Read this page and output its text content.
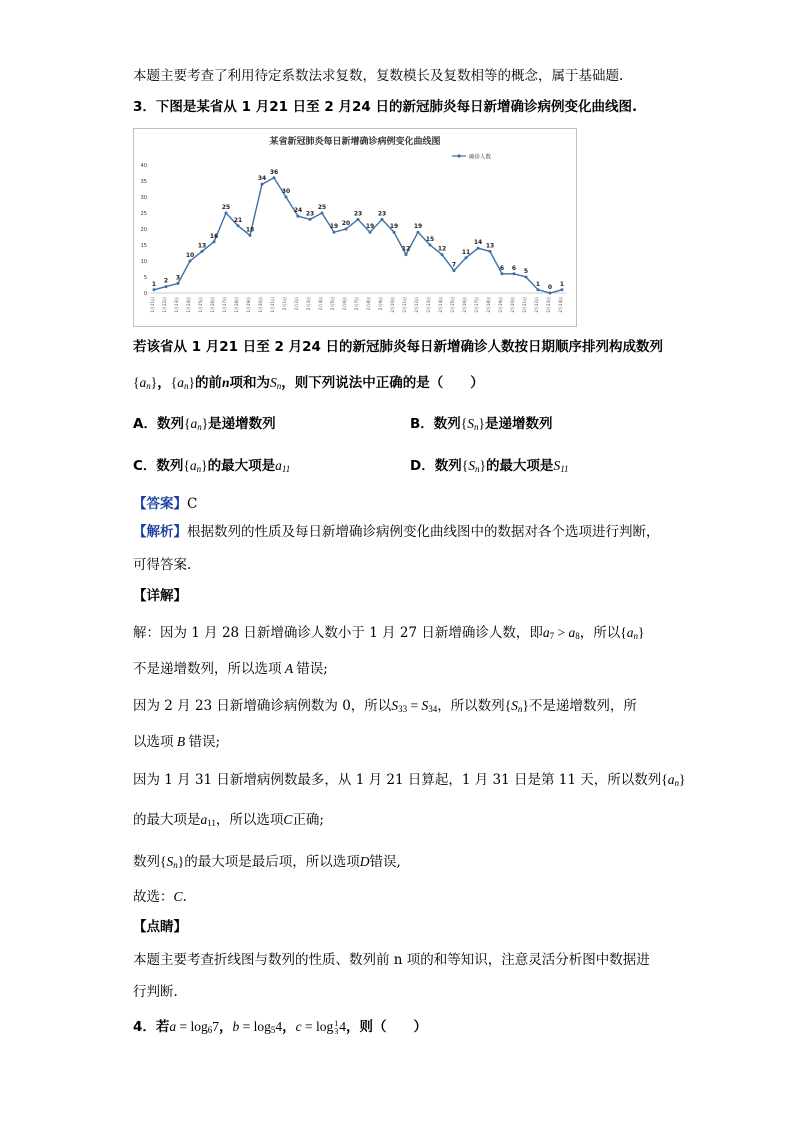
本题主要考查了利用待定系数法求复数，复数模长及复数相等的概念，属于基础题.
3．下图是某省从 1 月21 日至 2 月24 日的新冠肺炎每日新增确诊病例变化曲线图.
某省新冠肺炎每日新增确诊病例变化曲线图
确诊人数
0
5
10
15
20
25
30
35
40
1月21日 1月22日 1月23日 1月24日 1月25日 1月26日 1月27日 1月28日 1月29日 1月30日 1月31日 2月1日 2月2日 2月3日 2月4日 2月5日 2月6日 2月7日 2月8日 2月9日 2月10日 2月11日 2月12日 2月13日 2月14日 2月15日 2月16日 2月17日 2月18日 2月19日 2月20日 2月21日 2月22日 2月23日 2月24日
1 2 3
10
13
16
25
21
18
34
36
30
24 23
25
19 20
23
19
23
19
12
19
15
12
7
11
14 13
6 6 5
1 0 1
若该省从 1 月21 日至 2 月24 日的新冠肺炎每日新增确诊人数按日期顺序排列构成数列
$\{a_n\}$，$\{a_n\}$的前n项和为$S_n$，则下列说法中正确的是（　　）
A．数列$\{a_n\}$是递增数列	B．数列$\{S_n\}$是递增数列
C．数列$\{a_n\}$的最大项是$a_{11}$	D．数列$\{S_n\}$的最大项是$S_{11}$
【答案】C
【解析】根据数列的性质及每日新增确诊病例变化曲线图中的数据对各个选项进行判断，
可得答案.
【详解】
解：因为 1 月 28 日新增确诊人数小于 1 月 27 日新增确诊人数，即$a_7 > a_8$，所以$\{a_n\}$
不是递增数列，所以选项 A 错误;
因为 2 月 23 日新增确诊病例数为 0，所以$S_{33} = S_{34}$，所以数列$\{S_n\}$不是递增数列，所
以选项 B 错误;
因为 1 月 31 日新增病例数最多，从 1 月 21 日算起，1 月 31 日是第 11 天，所以数列$\{a_n\}$
的最大项是$a_{11}$，所以选项C正确;
数列$\{S_n\}$的最大项是最后项，所以选项D错误,
故选：C.
【点睛】
本题主要考查折线图与数列的性质、数列前 n 项的和等知识，注意灵活分析图中数据进
行判断.
4．若$a = \log_67$，$b = \log_54$，c = log1
34，则（　　）
